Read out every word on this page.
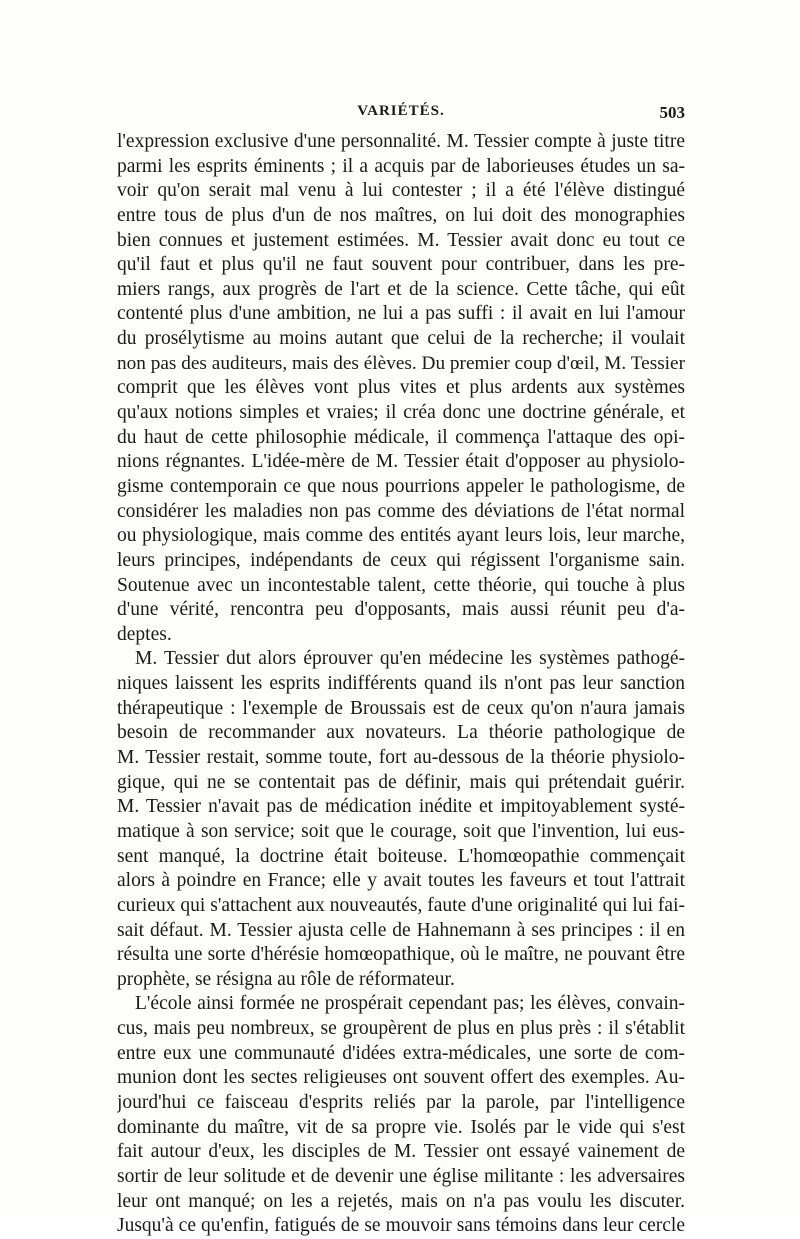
VARIÉTÉS.	503
l'expression exclusive d'une personnalité. M. Tessier compte à juste titre
parmi les esprits éminents ; il a acquis par de laborieuses études un sa-
voir qu'on serait mal venu à lui contester ; il a été l'élève distingué
entre tous de plus d'un de nos maîtres, on lui doit des monographies
bien connues et justement estimées. M. Tessier avait donc eu tout ce
qu'il faut et plus qu'il ne faut souvent pour contribuer, dans les pre-
miers rangs, aux progrès de l'art et de la science. Cette tâche, qui eût
contenté plus d'une ambition, ne lui a pas suffi : il avait en lui l'amour
du prosélytisme au moins autant que celui de la recherche; il voulait
non pas des auditeurs, mais des élèves. Du premier coup d'œil, M. Tessier
comprit que les élèves vont plus vites et plus ardents aux systèmes
qu'aux notions simples et vraies; il créa donc une doctrine générale, et
du haut de cette philosophie médicale, il commença l'attaque des opi-
nions régnantes. L'idée-mère de M. Tessier était d'opposer au physiolo-
gisme contemporain ce que nous pourrions appeler le pathologisme, de
considérer les maladies non pas comme des déviations de l'état normal
ou physiologique, mais comme des entités ayant leurs lois, leur marche,
leurs principes, indépendants de ceux qui régissent l'organisme sain.
Soutenue avec un incontestable talent, cette théorie, qui touche à plus
d'une vérité, rencontra peu d'opposants, mais aussi réunit peu d'a-
deptes.
M. Tessier dut alors éprouver qu'en médecine les systèmes pathogé-
niques laissent les esprits indifférents quand ils n'ont pas leur sanction
thérapeutique : l'exemple de Broussais est de ceux qu'on n'aura jamais
besoin de recommander aux novateurs. La théorie pathologique de
M. Tessier restait, somme toute, fort au-dessous de la théorie physiolo-
gique, qui ne se contentait pas de définir, mais qui prétendait guérir.
M. Tessier n'avait pas de médication inédite et impitoyablement systé-
matique à son service; soit que le courage, soit que l'invention, lui eus-
sent manqué, la doctrine était boiteuse. L'homœopathie commençait
alors à poindre en France; elle y avait toutes les faveurs et tout l'attrait
curieux qui s'attachent aux nouveautés, faute d'une originalité qui lui fai-
sait défaut. M. Tessier ajusta celle de Hahnemann à ses principes : il en
résulta une sorte d'hérésie homœopathique, où le maître, ne pouvant être
prophète, se résigna au rôle de réformateur.
L'école ainsi formée ne prospérait cependant pas; les élèves, convain-
cus, mais peu nombreux, se groupèrent de plus en plus près : il s'établit
entre eux une communauté d'idées extra-médicales, une sorte de com-
munion dont les sectes religieuses ont souvent offert des exemples. Au-
jourd'hui ce faisceau d'esprits reliés par la parole, par l'intelligence
dominante du maître, vit de sa propre vie. Isolés par le vide qui s'est
fait autour d'eux, les disciples de M. Tessier ont essayé vainement de
sortir de leur solitude et de devenir une église militante : les adversaires
leur ont manqué; on les a rejetés, mais on n'a pas voulu les discuter.
Jusqu'à ce qu'enfin, fatigués de se mouvoir sans témoins dans leur cercle
